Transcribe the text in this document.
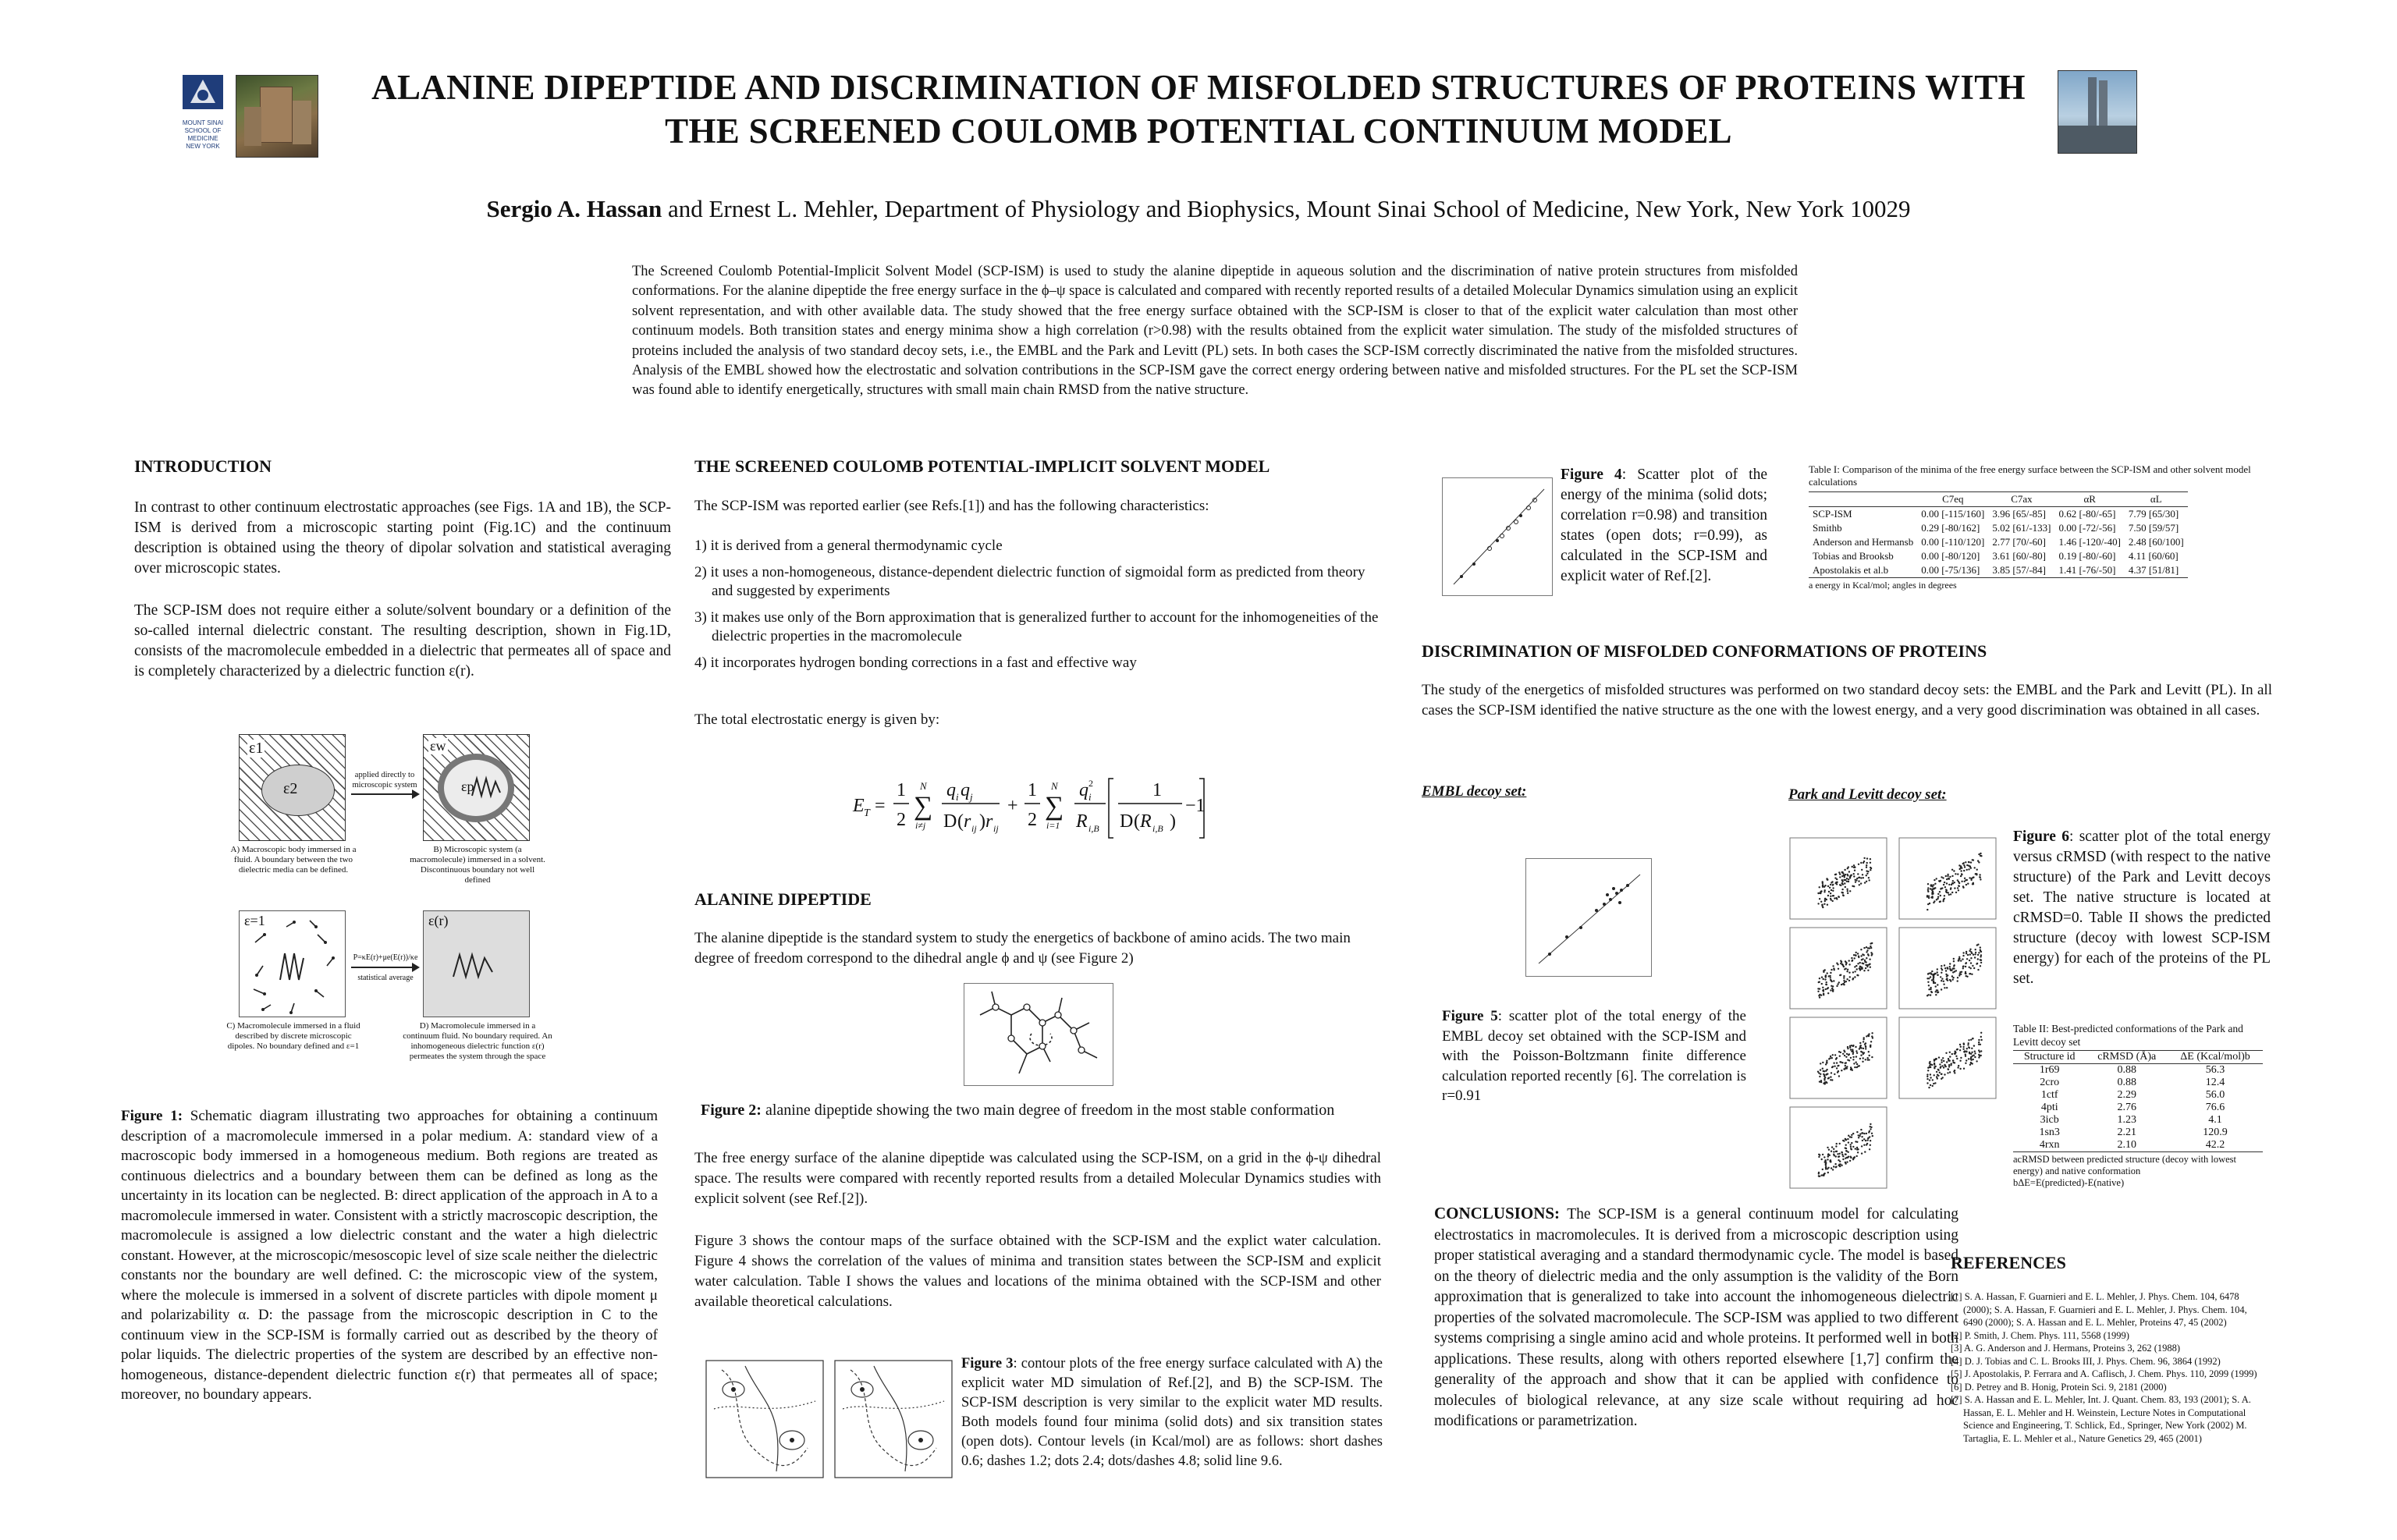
MOUNT SINAI
SCHOOL OF
MEDICINE
NEW YORK
ALANINE DIPEPTIDE AND DISCRIMINATION OF MISFOLDED STRUCTURES OF PROTEINS WITH
THE SCREENED COULOMB POTENTIAL CONTINUUM MODEL
Sergio A. Hassan and Ernest L. Mehler, Department of Physiology and Biophysics, Mount Sinai School of Medicine, New York, New York 10029
The Screened Coulomb Potential-Implicit Solvent Model (SCP-ISM) is used to study the alanine dipeptide in aqueous solution and the discrimination of native protein structures from misfolded conformations. For the alanine dipeptide the free energy surface in the ϕ–ψ space is calculated and compared with recently reported results of a detailed Molecular Dynamics simulation using an explicit solvent representation, and with other available data. The study showed that the free energy surface obtained with the SCP-ISM is closer to that of the explicit water calculation than most other continuum models. Both transition states and energy minima show a high correlation (r>0.98) with the results obtained from the explicit water simulation. The study of the misfolded structures of proteins included the analysis of two standard decoy sets, i.e., the EMBL and the Park and Levitt (PL) sets. In both cases the SCP-ISM correctly discriminated the native from the misfolded structures. Analysis of the EMBL showed how the electrostatic and solvation contributions in the SCP-ISM gave the correct energy ordering between native and misfolded structures. For the PL set the SCP-ISM was found able to identify energetically, structures with small main chain RMSD from the native structure.
INTRODUCTION
In contrast to other continuum electrostatic approaches (see Figs. 1A and 1B), the SCP-ISM is derived from a microscopic starting point (Fig.1C) and the continuum description is obtained using the theory of dipolar solvation and statistical averaging over microscopic states.
The SCP-ISM does not require either a solute/solvent boundary or a definition of the so-called internal dielectric constant. The resulting description, shown in Fig.1D, consists of the macromolecule embedded in a dielectric that permeates all of space and is completely characterized by a dielectric function ε(r).
ε1
ε2
applied directly to microscopic system
εw
εp
A) Macroscopic body immersed in a fluid. A boundary between the two dielectric media can be defined.
B) Microscopic system (a macromolecule) immersed in a solvent. Discontinuous boundary not well defined
ε=1
P=κE(r)+μe(E(r))/κe
statistical average
ε(r)
C) Macromolecule immersed in a fluid described by discrete microscopic dipoles. No boundary defined and ε=1
D) Macromolecule immersed in a continuum fluid. No boundary required. An inhomogeneous dielectric function ε(r) permeates the system through the space
Figure 1: Schematic diagram illustrating two approaches for obtaining a continuum description of a macromolecule immersed in a polar medium. A: standard view of a macroscopic body immersed in a homogeneous medium. Both regions are treated as continuous dielectrics and a boundary between them can be defined as long as the uncertainty in its location can be neglected. B: direct application of the approach in A to a macromolecule immersed in water. Consistent with a strictly macroscopic description, the macromolecule is assigned a low dielectric constant and the water a high dielectric constant. However, at the microscopic/mesoscopic level of size scale neither the dielectric constants nor the boundary are well defined. C: the microscopic view of the system, where the molecule is immersed in a solvent of discrete particles with dipole moment μ and polarizability α. D: the passage from the microscopic description in C to the continuum view in the SCP-ISM is formally carried out as described by the theory of polar liquids. The dielectric properties of the system are described by an effective non-homogeneous, distance-dependent dielectric function ε(r) that permeates all of space; moreover, no boundary appears.
THE SCREENED COULOMB POTENTIAL-IMPLICIT SOLVENT MODEL
The SCP-ISM was reported earlier (see Refs.[1]) and has the following characteristics:
1) it is derived from a general thermodynamic cycle
2) it uses a non-homogeneous, distance-dependent dielectric function of sigmoidal form as predicted from theory and suggested by experiments
3) it makes use only of the Born approximation that is generalized further to account for the inhomogeneities of the dielectric properties in the macromolecule
4) it incorporates hydrogen bonding corrections in a fast and effective way
The total electrostatic energy is given by:
E T =
1
2 ∑
N
i≠j
q i q j
D ( r ij ) r ij
+
1
2 ∑
N
i=1
q 2
i
R i,B
1
D ( R i,B )
−1
ALANINE DIPEPTIDE
The alanine dipeptide is the standard system to study the energetics of backbone of amino acids. The two main degree of freedom correspond to the dihedral angle ϕ and ψ (see Figure 2)
Figure 2: alanine dipeptide showing the two main degree of freedom in the most stable conformation
The free energy surface of the alanine dipeptide was calculated using the SCP-ISM, on a grid in the ϕ-ψ dihedral space. The results were compared with recently reported results from a detailed Molecular Dynamics studies with explicit solvent (see Ref.[2]).
Figure 3 shows the contour maps of the surface obtained with the SCP-ISM and the explict water calculation. Figure 4 shows the correlation of the values of minima and transition states between the SCP-ISM and explicit water calculation. Table I shows the values and locations of the minima obtained with the SCP-ISM and other available theoretical calculations.
Figure 3: contour plots of the free energy surface calculated with A) the explicit water MD simulation of Ref.[2], and B) the SCP-ISM. The SCP-ISM description is very similar to the explicit water MD results. Both models found four minima (solid dots) and six transition states (open dots). Contour levels (in Kcal/mol) are as follows: short dashes 0.6; dashes 1.2; dots 2.4; dots/dashes 4.8; solid line 9.6.
Figure 4: Scatter plot of the energy of the minima (solid dots; correlation r=0.98) and transition states (open dots; r=0.99), as calculated in the SCP-ISM and explicit water of Ref.[2].
Table I: Comparison of the minima of the free energy surface between the SCP-ISM and other solvent model calculations
	C7eq	C7ax	αR	αL
SCP-ISM	0.00 [-115/160]	3.96 [65/-85]	0.62 [-80/-65]	7.79 [65/30]
Smithb	0.29 [-80/162]	5.02 [61/-133]	0.00 [-72/-56]	7.50 [59/57]
Anderson and Hermansb	0.00 [-110/120]	2.77 [70/-60]	1.46 [-120/-40]	2.48 [60/100]
Tobias and Brooksb	0.00 [-80/120]	3.61 [60/-80]	0.19 [-80/-60]	4.11 [60/60]
Apostolakis et al.b	0.00 [-75/136]	3.85 [57/-84]	1.41 [-76/-50]	4.37 [51/81]
a energy in Kcal/mol; angles in degrees
DISCRIMINATION OF MISFOLDED CONFORMATIONS OF PROTEINS
The study of the energetics of misfolded structures was performed on two standard decoy sets: the EMBL and the Park and Levitt (PL). In all cases the SCP-ISM identified the native structure as the one with the lowest energy, and a very good discrimination was obtained in all cases.
EMBL decoy set:	Park and Levitt decoy set:
Figure 5: scatter plot of the total energy of the EMBL decoy set obtained with the SCP-ISM and with the Poisson-Boltzmann finite difference calculation reported recently [6]. The correlation is r=0.91
Figure 6: scatter plot of the total energy versus cRMSD (with respect to the native structure) of the Park and Levitt decoys set. The native structure is located at cRMSD=0. Table II shows the predicted structure (decoy with lowest SCP-ISM energy) for each of the proteins of the PL set.
Table II: Best-predicted conformations of the Park and Levitt decoy set
Structure id	cRMSD (Å)a	ΔE (Kcal/mol)b
1r69	0.88	56.3
2cro	0.88	12.4
1ctf	2.29	56.0
4pti	2.76	76.6
3icb	1.23	4.1
1sn3	2.21	120.9
4rxn	2.10	42.2
acRMSD between predicted structure (decoy with lowest energy) and native conformation
bΔE=E(predicted)-E(native)
CONCLUSIONS: The SCP-ISM is a general continuum model for calculating electrostatics in macromolecules. It is derived from a microscopic description using proper statistical averaging and a standard thermodynamic cycle. The model is based on the theory of dielectric media and the only assumption is the validity of the Born approximation that is generalized to take into account the inhomogeneous dielectric properties of the solvated macromolecule. The SCP-ISM was applied to two different systems comprising a single amino acid and whole proteins. It performed well in both applications. These results, along with others reported elsewhere [1,7] confirm the generality of the approach and show that it can be applied with confidence to molecules of biological relevance, at any size scale without requiring ad hoc modifications or parametrization.
REFERENCES
[1] S. A. Hassan, F. Guarnieri and E. L. Mehler, J. Phys. Chem. 104, 6478 (2000); S. A. Hassan, F. Guarnieri and E. L. Mehler, J. Phys. Chem. 104, 6490 (2000); S. A. Hassan and E. L. Mehler, Proteins 47, 45 (2002)
[2] P. Smith, J. Chem. Phys. 111, 5568 (1999)
[3] A. G. Anderson and J. Hermans, Proteins 3, 262 (1988)
[4] D. J. Tobias and C. L. Brooks III, J. Phys. Chem. 96, 3864 (1992)
[5] J. Apostolakis, P. Ferrara and A. Caflisch, J. Chem. Phys. 110, 2099 (1999)
[6] D. Petrey and B. Honig, Protein Sci. 9, 2181 (2000)
[7] S. A. Hassan and E. L. Mehler, Int. J. Quant. Chem. 83, 193 (2001); S. A. Hassan, E. L. Mehler and H. Weinstein, Lecture Notes in Computational Science and Engineering, T. Schlick, Ed., Springer, New York (2002) M. Tartaglia, E. L. Mehler et al., Nature Genetics 29, 465 (2001)
